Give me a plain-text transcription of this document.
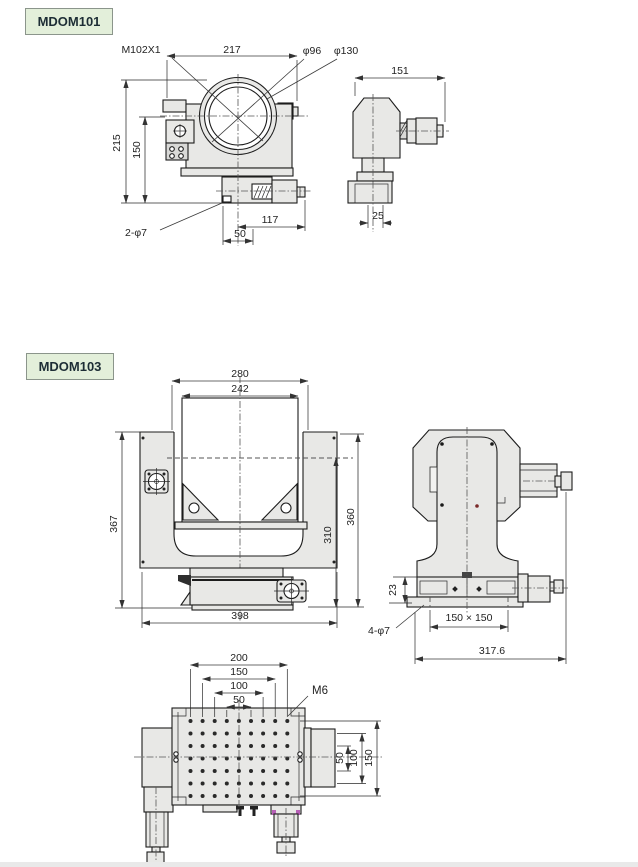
MDOM101
MDOM103
217
M102X1	φ96 φ130
215 150
117
50
2-φ7
151
25
280
242
367	360
310
398
23
150 × 150
317.6
4-φ7
200
150
100
50
M6
50 100 150
